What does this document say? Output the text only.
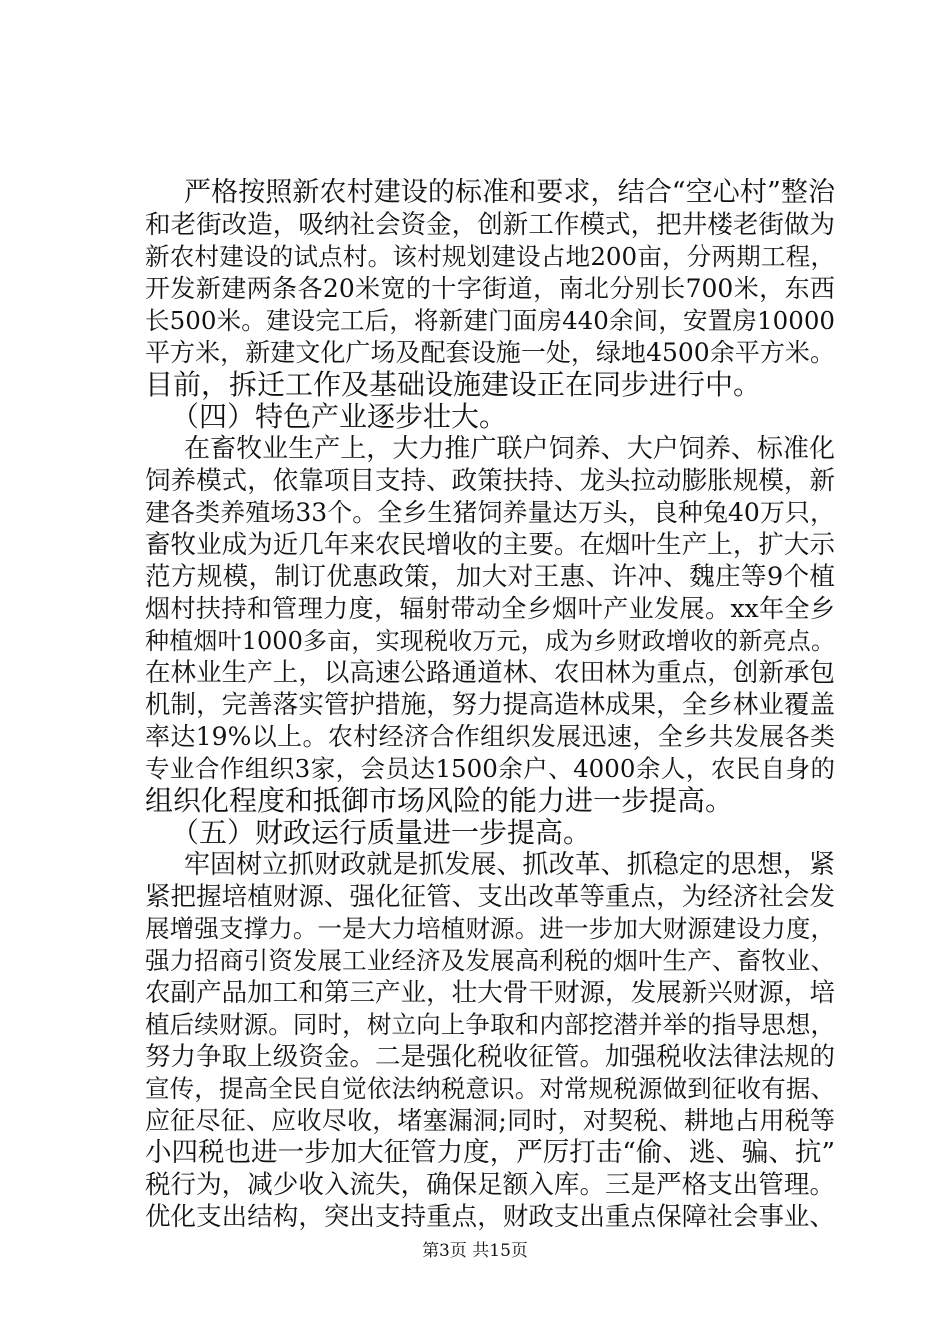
严格按照新农村建设的标准和要求，结合“空心村”整治
和老街改造，吸纳社会资金，创新工作模式，把井楼老街做为
新农村建设的试点村。该村规划建设占地200亩，分两期工程，
开发新建两条各20米宽的十字街道，南北分别长700米，东西
长500米。建设完工后，将新建门面房440余间，安置房10000
平方米，新建文化广场及配套设施一处，绿地4500余平方米。
目前，拆迁工作及基础设施建设正在同步进行中。
（四）特色产业逐步壮大。
在畜牧业生产上，大力推广联户饲养、大户饲养、标准化
饲养模式，依靠项目支持、政策扶持、龙头拉动膨胀规模，新
建各类养殖场33个。全乡生猪饲养量达万头，良种兔40万只，
畜牧业成为近几年来农民增收的主要。在烟叶生产上，扩大示
范方规模，制订优惠政策，加大对王惠、许冲、魏庄等9个植
烟村扶持和管理力度，辐射带动全乡烟叶产业发展。xx年全乡
种植烟叶1000多亩，实现税收万元，成为乡财政增收的新亮点。
在林业生产上，以高速公路通道林、农田林为重点，创新承包
机制，完善落实管护措施，努力提高造林成果，全乡林业覆盖
率达19%以上。农村经济合作组织发展迅速，全乡共发展各类
专业合作组织3家，会员达1500余户、4000余人，农民自身的
组织化程度和抵御市场风险的能力进一步提高。
（五）财政运行质量进一步提高。
牢固树立抓财政就是抓发展、抓改革、抓稳定的思想，紧
紧把握培植财源、强化征管、支出改革等重点，为经济社会发
展增强支撑力。一是大力培植财源。进一步加大财源建设力度，
强力招商引资发展工业经济及发展高利税的烟叶生产、畜牧业、
农副产品加工和第三产业，壮大骨干财源，发展新兴财源，培
植后续财源。同时，树立向上争取和内部挖潜并举的指导思想，
努力争取上级资金。二是强化税收征管。加强税收法律法规的
宣传，提高全民自觉依法纳税意识。对常规税源做到征收有据、
应征尽征、应收尽收，堵塞漏洞;同时，对契税、耕地占用税等
小四税也进一步加大征管力度，严厉打击“偷、逃、骗、抗”
税行为，减少收入流失，确保足额入库。三是严格支出管理。
优化支出结构，突出支持重点，财政支出重点保障社会事业、
第3页 共15页
